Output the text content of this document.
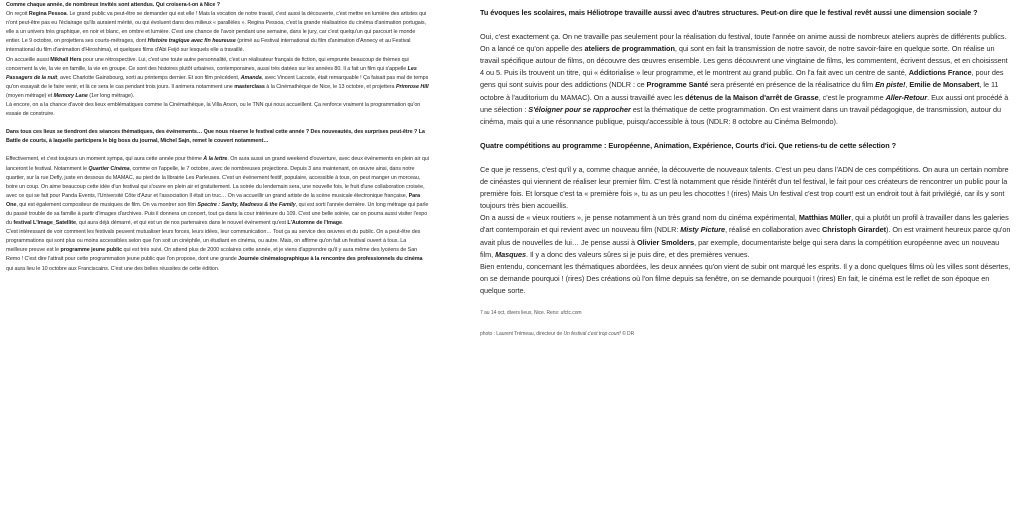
Comme chaque année, de nombreux invités sont attendus. Qui croisera-t-on à Nice ?

On reçoit Regina Pessoa. Le grand public va peut-être se demander qui est elle ! Mais la vocation de notre travail, c'est aussi la découverte, c'est mettre en lumière des artistes qui n'ont peut-être pas eu l'éclairage qu'ils auraient mérité, ou qui évoluent dans des milieux « parallèles ». Regina Pessoa, c'est la grande réalisatrice du cinéma d'animation portugais, elle a un univers très graphique, en noir et blanc, en ombre et lumière. C'est une chance de l'avoir pendant une semaine, dans le jury, car c'est quelqu'un qui parcourt le monde entier. Le 9 octobre, on projettera ses courts-métrages, dont Histoire tragique avec fin heureuse (primé au Festival international du film d'animation d'Annecy et au Festival international du film d'animation d'Hiroshima), et quelques films d'Abi Feijó sur lesquels elle a travaillé.

On accueille aussi Mikhaïl Hers pour une rétrospective. Lui, c'est une toute autre personnalité, c'est un réalisateur français de fiction, qui emprunte beaucoup de thèmes qui concernent la vie, la vie en famille, la vie en groupe. Ce sont des histoires plutôt urbaines, contemporaines, aussi très datées sur les années 80. Il a fait un film qui s'appelle Les Passagers de la nuit, avec Charlotte Gainsbourg, sorti au printemps dernier. Et son film précédent, Amanda, avec Vincent Lacoste, était remarquable ! Ça faisait pas mal de temps qu'on essayait de le faire venir, et là ce sera le cas pendant trois jours. Il animera notamment une masterclass à la Cinémathèque de Nice, le 13 octobre, et projettera Primrose Hill (moyen métrage) et Memory Lane (1er long métrage).

Là encore, on a la chance d'avoir des lieux emblématiques comme la Cinémathèque, la Villa Arson, ou le TNN qui nous accueillent. Ça renforce vraiment la programmation qu'on essaie de construire.

Dans tous ces lieux se tiendront des séances thématiques, des événements… Que nous réserve le festival cette année ? Des nouveautés, des surprises peut-être ? La Battle de courts, à laquelle participera le big boss du journal, Michel Sajn, remet le couvert notamment…

Effectivement, et c'est toujours un moment sympa, qui aura cette année pour thème À la lettre. On aura aussi un grand weekend d'ouverture, avec deux événements en plein air qui lanceront le festival. Notamment le Quartier Cinéma, comme on l'appelle, le 7 octobre, avec de nombreuses projections. Depuis 3 ans maintenant, on œuvre ainsi, dans notre quartier, sur la rue Defly, juste en dessous du MAMAC, au pied de la librairie Les Parleuses. C'est un événement festif, populaire, accessible à tous, on peut manger un morceau, boire un coup. On aime beaucoup cette idée d'un festival qui s'ouvre en plein air et gratuitement. La soirée du lendemain sera, une nouvelle fois, le fruit d'une collaboration croisée, avec ce qui se fait pour Panda Events, l'Université Côte d'Azur et l'association Il était un truc… On va accueillir un grand artiste de la scène musicale électronique française, Para One, qui est également compositeur de musiques de film. On va montrer son film Spectre : Sanity, Madness & the Family, qui est sorti l'année dernière. Un long métrage qui parle du passé trouble de sa famille à partir d'images d'archives. Puis il donnera un concert, tout ça dans la cour intérieure du 109. C'est une belle soirée, car on pourra aussi visiter l'expo du festival L'Image_Satellite, qui aura déjà démarré, et qui est un de nos partenaires dans le nouvel événement qu'est L'Automne de l'Image.

C'est intéressant de voir comment les festivals peuvent mutualiser leurs forces, leurs idées, leur communication… Tout ça au service des œuvres et du public. On a peut-être des programmations qui sont plus ou moins accessibles selon que l'on soit un cinéphile, un étudiant en cinéma, ou autre. Mais, on affirme qu'on fait un festival ouvert à tous. La meilleure preuve est le programme jeune public qui est très suivi. On attend plus de 2000 scolaires cette année, et je viens d'apprendre qu'il y aura même des lycéens de San Remo ! C'est dire l'attrait pour cette programmation jeune public que l'on propose, dont une grande Journée cinématographique à la rencontre des professionnels du cinéma qui aura lieu le 10 octobre aux Franciscains. C'est une des belles réussites de cette édition.

Tu évoques les scolaires, mais Héliotrope travaille aussi avec d'autres structures. Peut-on dire que le festival revêt aussi une dimension sociale ?

Oui, c'est exactement ça. On ne travaille pas seulement pour la réalisation du festival, toute l'année on anime aussi de nombreux ateliers auprès de différents publics. On a lancé ce qu'on appelle des ateliers de programmation, qui sont en fait la transmission de notre savoir, de notre savoir-faire en quelque sorte. On réalise un travail spécifique autour de films, on découvre des œuvres ensemble. Les gens découvrent une vingtaine de films, les commentent, écrivent dessus, et en choisissent 4 ou 5. Puis ils trouvent un titre, qui « éditorialise » leur programme, et le montrent au grand public. On l'a fait avec un centre de santé, Addictions France, pour des gens qui sont suivis pour des addictions (NDLR : ce Programme Santé sera présenté en présence de la réalisatrice du film En piste!, Emilie de Monsabert, le 11 octobre à l'auditorium du MAMAC). On a aussi travaillé avec les détenus de la Maison d'arrêt de Grasse, c'est le programme Aller-Retour. Eux aussi ont procédé à une sélection : S'éloigner pour se rapprocher est la thématique de cette programmation. On est vraiment dans un travail pédagogique, de transmission, autour du cinéma, mais qui a une résonnance publique, puisqu'accessible à tous (NDLR: 8 octobre au Cinéma Belmondo).

Quatre compétitions au programme : Européenne, Animation, Expérience, Courts d'ici. Que retiens-tu de cette sélection ?

Ce que je ressens, c'est qu'il y a, comme chaque année, la découverte de nouveaux talents. C'est un peu dans l'ADN de ces compétitions. On aura un certain nombre de cinéastes qui viennent de réaliser leur premier film. C'est là notamment que réside l'intérêt d'un tel festival, le fait pour ces créateurs de rencontrer un public pour la première fois. Et lorsque c'est ta « première fois », tu as un peu les chocottes ! (rires) Mais Un festival c'est trop court! est un endroit tout à fait privilégié, car ils y sont toujours très bien accueillis.

On a aussi de « vieux routiers », je pense notamment à un très grand nom du cinéma expérimental, Matthias Müller, qui a plutôt un profil à travailler dans les galeries d'art contemporain et qui revient avec un nouveau film (NDLR: Misty Picture, réalisé en collaboration avec Christoph Girardet). On est vraiment heureux parce qu'on avait plus de nouvelles de lui… Je pense aussi à Olivier Smolders, par exemple, documentariste belge qui sera dans la compétition européenne avec un nouveau film, Masques. Il y a donc des valeurs sûres si je puis dire, et des premières venues.

Bien entendu, concernant les thématiques abordées, les deux années qu'on vient de subir ont marqué les esprits. Il y a donc quelques films où les villes sont désertes, on se demande pourquoi ! (rires) Des créations où l'on filme depuis sa fenêtre, on se demande pourquoi ! (rires) En fait, le cinéma est le reflet de son époque en quelque sorte.

7 au 14 oct, divers lieux, Nice. Rens: ufctc.com

photo : Laurent Trémeau, directeur de Un festival c'est trop court! © DR
